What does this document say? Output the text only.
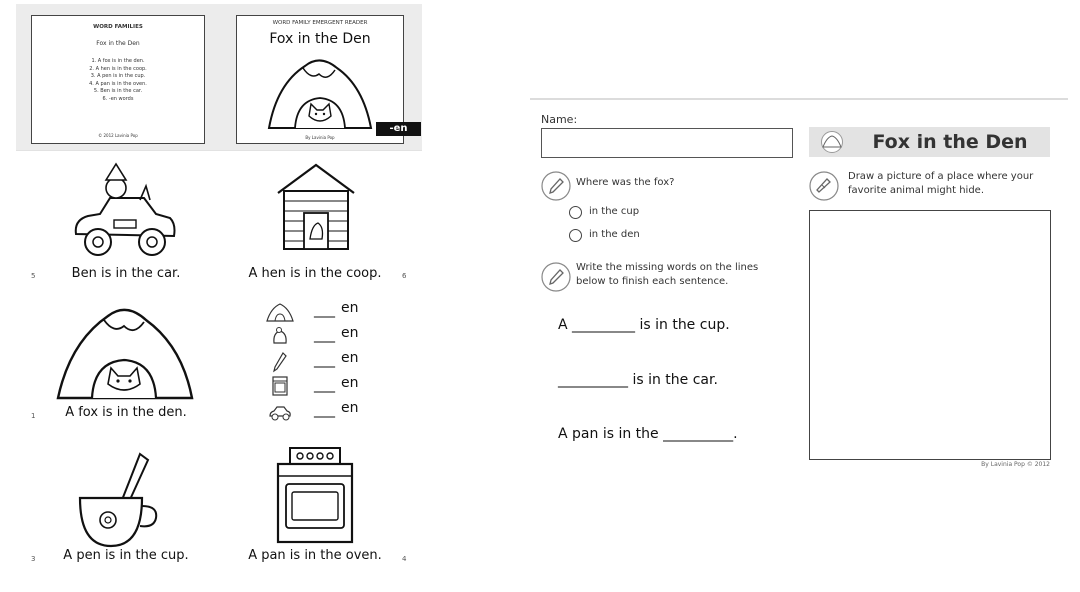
WORD FAMILIES
Fox in the Den
1. A fox is in the den.
2. A hen is in the coop.
3. A pen is in the cup.
4. A pan is in the oven.
5. Ben is in the car.
6. -en words
© 2012 Lavinia Pop
WORD FAMILY EMERGENT READER
Fox in the Den
By Lavinia Pop
-en
Ben is in the car.
5	A hen is in the coop.	6
A fox is in the den.
1
___ en
___ en
___ en
___ en
___ en
A pen is in the cup.
3	A pan is in the oven.	4
Name:
Fox in the Den
Where was the fox?
in the cup
in the den
Write the missing words on the lines below to finish each sentence.
A _________ is in the cup.
__________ is in the car.
A pan is in the __________.
Draw a picture of a place where your favorite animal might hide.
By Lavinia Pop © 2012
